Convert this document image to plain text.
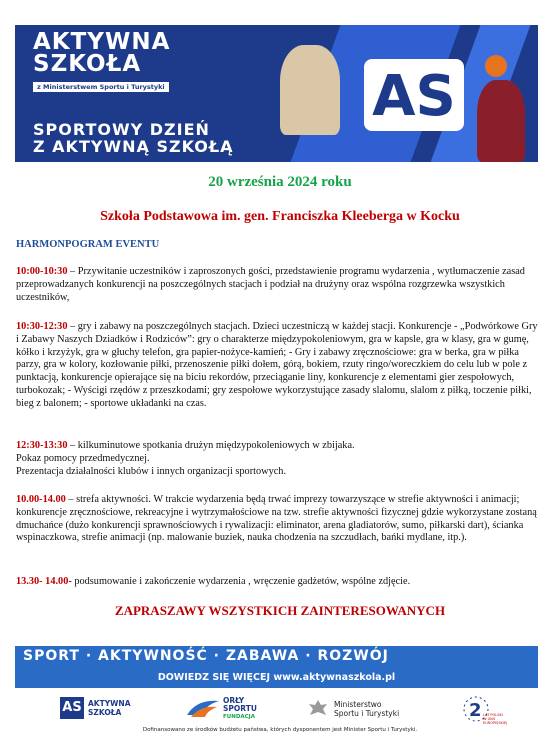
AKTYWNA
SZKOŁA
z Ministerstwem Sportu i Turystyki
SPORTOWY DZIEŃ
Z AKTYWNĄ SZKOŁĄ
AS
20 września 2024 roku
Szkoła Podstawowa im. gen. Franciszka Kleeberga w Kocku
HARMONPOGRAM EVENTU
10:00-10:30 – Przywitanie uczestników i zaproszonych gości, przedstawienie programu wydarzenia , wytłumaczenie zasad przeprowadzanych konkurencji na poszczególnych stacjach i podział na drużyny oraz wspólna rozgrzewka wszystkich uczestników,
10:30-12:30 – gry i zabawy na poszczególnych stacjach. Dzieci uczestniczą w każdej stacji. Konkurencje - „Podwórkowe Gry i Zabawy Naszych Dziadków i Rodziców”: gry o charakterze międzypokoleniowym, gra w kapsle, gra w klasy, gra w gumę, kółko i krzyżyk, gra w głuchy telefon, gra papier-nożyce-kamień; - Gry i zabawy zręcznościowe: gra w berka, gra w piłka parzy, gra w kolory, kozłowanie piłki, przenoszenie piłki dołem, górą, bokiem, rzuty ringo/woreczkiem do celu lub w pole z punktacją, konkurencje opierające się na biciu rekordów, przeciąganie liny, konkurencje z elementami gier zespołowych, turbokozak; - Wyścigi rzędów z przeszkodami; gry zespołowe wykorzystujące zasady slalomu, slalom z piłką, toczenie piłki, bieg z balonem; - sportowe układanki na czas.
12:30-13:30 – kilkuminutowe spotkania drużyn międzypokoleniowych w zbijaka.
Pokaz pomocy przedmedycznej.
Prezentacja działalności klubów i innych organizacji sportowych.
10.00-14.00 – strefa aktywności. W trakcie wydarzenia będą trwać imprezy towarzyszące w strefie aktywności i animacji; konkurencje zręcznościowe, rekreacyjne i wytrzymałościowe na tzw. strefie aktywności fizycznej gdzie wykorzystane zostaną dmuchańce (dużo konkurencji sprawnościowych i rywalizacji: eliminator, arena gladiatorów, sumo, piłkarski dart), ścianka wspinaczkowa, strefie animacji (np. malowanie buziek, nauka chodzenia na szczudłach, bańki mydlane, itp.).
13.30- 14.00- podsumowanie i zakończenie wydarzenia , wręczenie gadżetów, wspólne zdjęcie.
ZAPRASZAWY WSZYSTKICH ZAINTERESOWANYCH
SPORT · AKTYWNOŚĆ · ZABAWA · ROZWÓJ
DOWIEDZ SIĘ WIĘCEJ www.aktywnaszkola.pl
AS AKTYWNA
SZKOŁA
ORŁY
SPORTU
FUNDACJA
Ministerstwo
Sportu i Turystyki	2 LAT POLSKI W UNII EUROPEJSKIEJ
Dofinansowano ze środków budżetu państwa, których dysponentem jest Minister Sportu i Turystyki.
